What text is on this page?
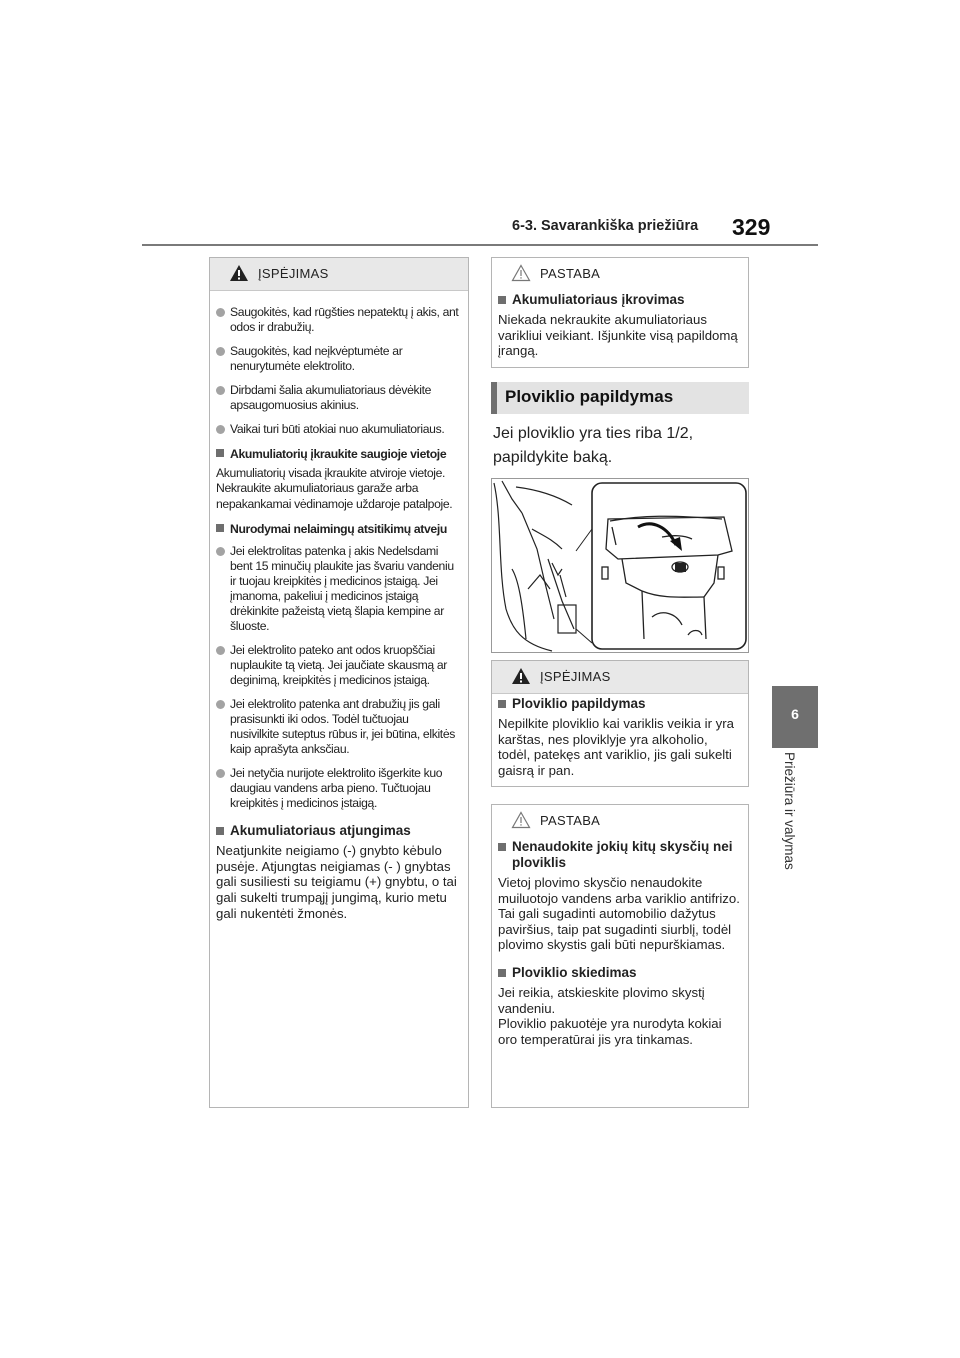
6-3. Savarankiška priežiūra 329
6
Priežiūra ir valymas
ĮSPĖJIMAS
Saugokitės, kad rūgšties nepatektų į akis, ant odos ir drabužių.
Saugokitės, kad neįkvėptumėte ar nenurytumėte elektrolito.
Dirbdami šalia akumuliatoriaus dėvėkite apsaugomuosius akinius.
Vaikai turi būti atokiai nuo akumuliatoriaus.
Akumuliatorių įkraukite saugioje vietoje
Akumuliatorių visada įkraukite atviroje vietoje. Nekraukite akumuliatoriaus garaže arba nepakankamai vėdinamoje uždaroje patalpoje.
Nurodymai nelaimingų atsitikimų atveju
Jei elektrolitas patenka į akis Nedelsdami bent 15 minučių plaukite jas švariu vandeniu ir tuojau kreipkitės į medicinos įstaigą. Jei įmanoma, pakeliui į medicinos įstaigą drėkinkite pažeistą vietą šlapia kempine ar šluoste.
Jei elektrolito pateko ant odos kruopščiai nuplaukite tą vietą. Jei jaučiate skausmą ar deginimą, kreipkitės į medicinos įstaigą.
Jei elektrolito patenka ant drabužių jis gali prasisunkti iki odos. Todėl tučtuojau nusivilkite suteptus rūbus ir, jei būtina, elkitės kaip aprašyta anksčiau.
Jei netyčia nurijote elektrolito išgerkite kuo daugiau vandens arba pieno. Tučtuojau kreipkitės į medicinos įstaigą.
Akumuliatoriaus atjungimas
Neatjunkite neigiamo (-) gnybto kėbulo pusėje. Atjungtas neigiamas (- ) gnybtas gali susiliesti su teigiamu (+) gnybtu, o tai gali sukelti trumpąjį jungimą, kurio metu gali nukentėti žmonės.
PASTABA
Akumuliatoriaus įkrovimas
Niekada nekraukite akumuliatoriaus varikliui veikiant. Išjunkite visą papildomą įrangą.
Ploviklio papildymas
Jei ploviklio yra ties riba 1/2, papildykite baką.
ĮSPĖJIMAS
Ploviklio papildymas
Nepilkite ploviklio kai variklis veikia ir yra karštas, nes ploviklyje yra alkoholio, todėl, patekęs ant variklio, jis gali sukelti gaisrą ir pan.
PASTABA
Nenaudokite jokių kitų skysčių nei ploviklis
Vietoj plovimo skysčio nenaudokite muiluotojo vandens arba variklio antifrizo.
Tai gali sugadinti automobilio dažytus paviršius, taip pat sugadinti siurblį, todėl plovimo skystis gali būti nepurškiamas.
Ploviklio skiedimas
Jei reikia, atskieskite plovimo skystį vandeniu.
Ploviklio pakuotėje yra nurodyta kokiai oro temperatūrai jis yra tinkamas.
